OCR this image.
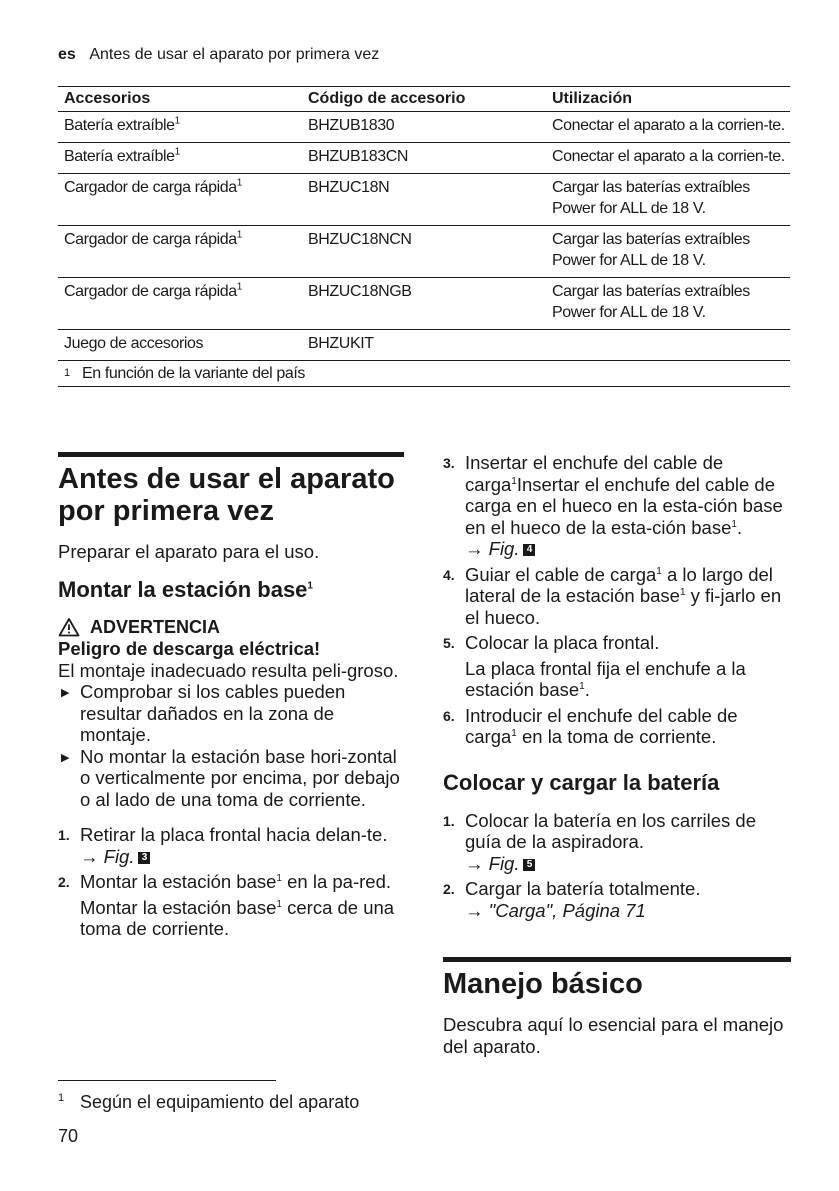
es Antes de usar el aparato por primera vez
Accesorios	Código de accesorio	Utilización
Batería extraíble$^1$	BHZUB1830	Conectar el aparato a la corrien-te.
Batería extraíble$^1$	BHZUB183CN	Conectar el aparato a la corrien-te.
Cargador de carga rápida$^1$	BHZUC18N	Cargar las baterías extraíbles Power for ALL de 18 V.
Cargador de carga rápida$^1$	BHZUC18NCN	Cargar las baterías extraíbles Power for ALL de 18 V.
Cargador de carga rápida$^1$	BHZUC18NGB	Cargar las baterías extraíbles Power for ALL de 18 V.
Juego de accesorios	BHZUKIT	
1 En función de la variante del país		
Antes de usar el aparato por primera vez

Preparar el aparato para el uso.

Montar la estación base$^1$
ADVERTENCIA

Peligro de descarga eléctrica!

El montaje inadecuado resulta peli-groso.

▶ Comprobar si los cables pueden resultar dañados en la zona de montaje.
▶ No montar la estación base hori-zontal o verticalmente por encima, por debajo o al lado de una toma de corriente.
1. Retirar la placa frontal hacia delan-te.
→ Fig. 3
2. Montar la estación base$^1$ en la pa-red.
Montar la estación base$^1$ cerca de una toma de corriente.
3. Insertar el enchufe del cable de carga$^1$Insertar el enchufe del cable de carga en el hueco en la esta-ción base en el hueco de la esta-ción base$^1$.
→ Fig. 4
4. Guiar el cable de carga$^1$ a lo largo del lateral de la estación base$^1$ y fi-jarlo en el hueco.
5. Colocar la placa frontal.
La placa frontal fija el enchufe a la estación base$^1$.
6. Introducir el enchufe del cable de carga$^1$ en la toma de corriente.
Colocar y cargar la batería
1. Colocar la batería en los carriles de guía de la aspiradora.
→ Fig. 5
2. Cargar la batería totalmente.
→ "Carga", Página 71
Manejo básico

Descubra aquí lo esencial para el manejo del aparato.

1 Según el equipamiento del aparato
70
